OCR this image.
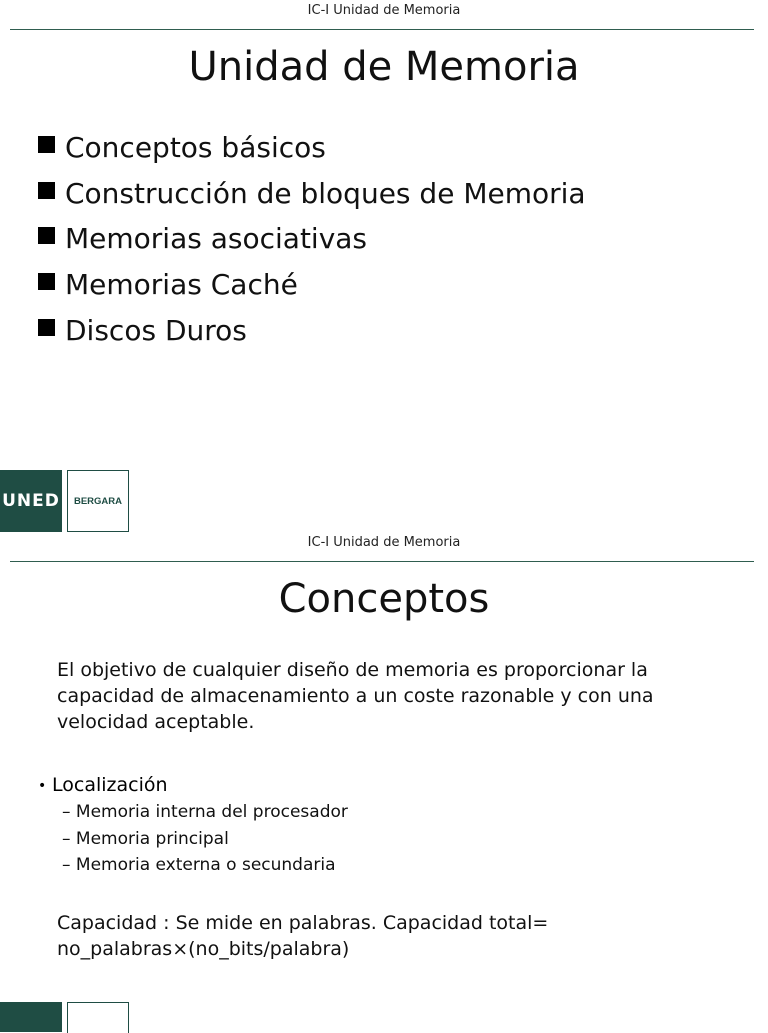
IC-I Unidad de Memoria
Unidad de Memoria
Conceptos básicos
Construcción de bloques de Memoria
Memorias asociativas
Memorias Caché
Discos Duros
UNED	BERGARA
IC-I Unidad de Memoria
Conceptos
El objetivo de cualquier diseño de memoria es proporcionar la capacidad de almacenamiento a un coste razonable y con una velocidad aceptable.
• Localización
– Memoria interna del procesador
– Memoria principal
– Memoria externa o secundaria
Capacidad : Se mide en palabras. Capacidad total=
no_palabras×(no_bits/palabra)
